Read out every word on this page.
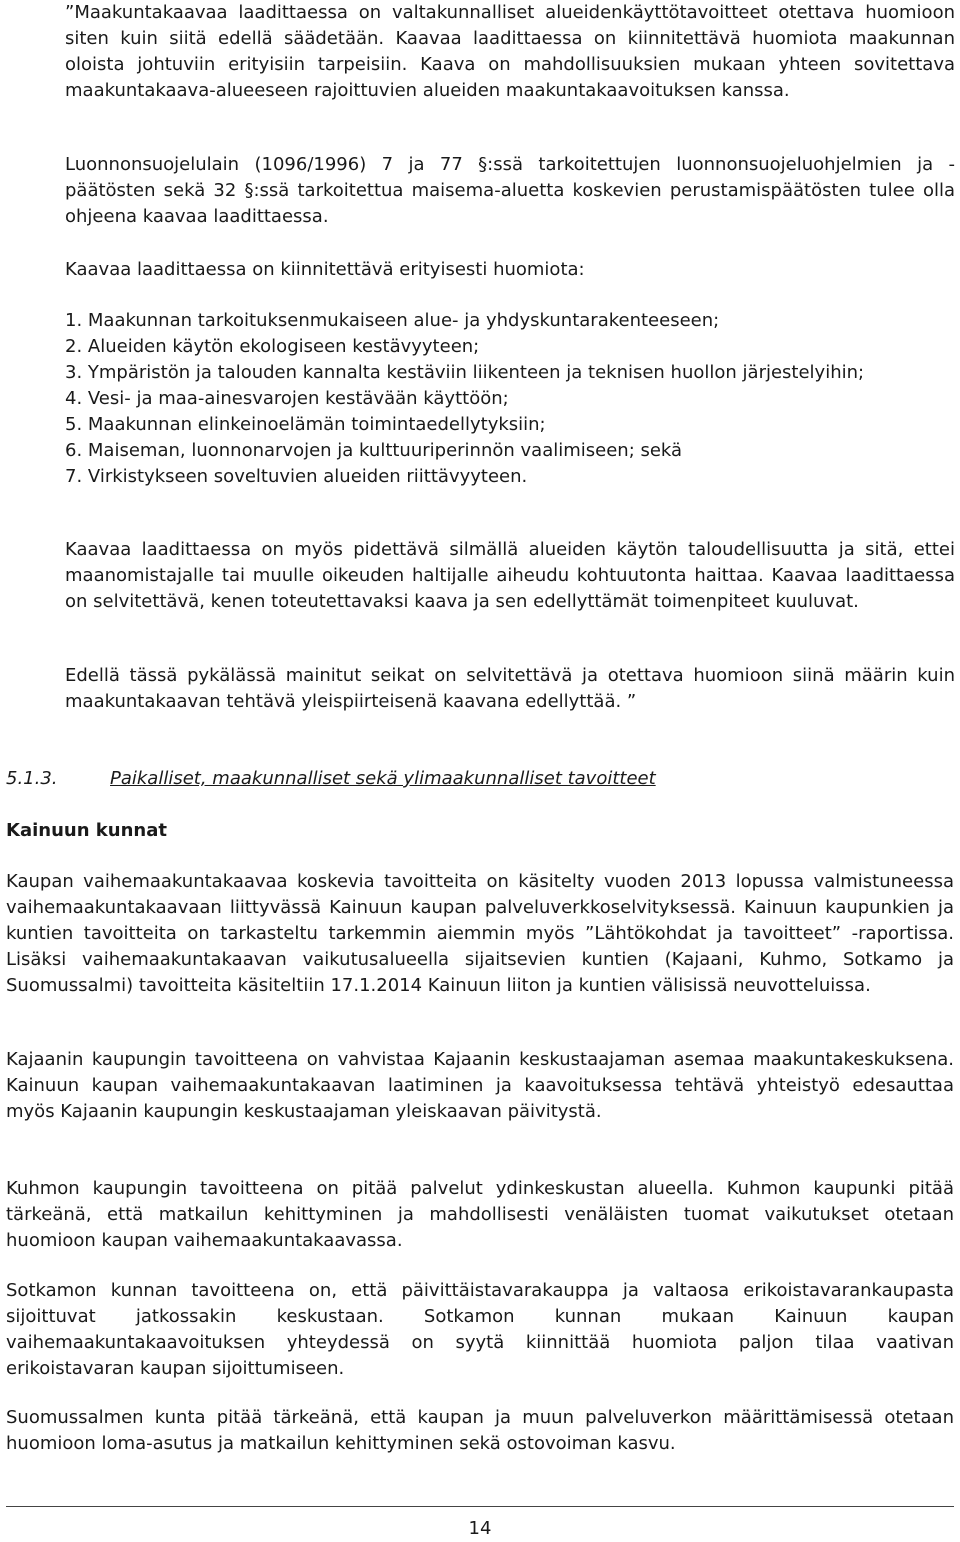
”Maakuntakaavaa laadittaessa on valtakunnalliset alueidenkäyttötavoitteet otettava huomioon siten kuin siitä edellä säädetään. Kaavaa laadittaessa on kiinnitettävä huomiota maakunnan oloista johtuviin erityisiin tarpeisiin. Kaava on mahdollisuuksien mukaan yhteen sovitettava maakuntakaava-alueeseen rajoittuvien alueiden maakuntakaavoituksen kanssa.

Luonnonsuojelulain (1096/1996) 7 ja 77 §:ssä tarkoitettujen luonnonsuojeluohjelmien ja -päätösten sekä 32 §:ssä tarkoitettua maisema-aluetta koskevien perustamispäätösten tulee olla ohjeena kaavaa laadittaessa.

Kaavaa laadittaessa on kiinnitettävä erityisesti huomiota:

1. Maakunnan tarkoituksenmukaiseen alue- ja yhdyskuntarakenteeseen;
2. Alueiden käytön ekologiseen kestävyyteen;
3. Ympäristön ja talouden kannalta kestäviin liikenteen ja teknisen huollon järjestelyihin;
4. Vesi- ja maa-ainesvarojen kestävään käyttöön;
5. Maakunnan elinkeinoelämän toimintaedellytyksiin;
6. Maiseman, luonnonarvojen ja kulttuuriperinnön vaalimiseen; sekä
7. Virkistykseen soveltuvien alueiden riittävyyteen.

Kaavaa laadittaessa on myös pidettävä silmällä alueiden käytön taloudellisuutta ja sitä, ettei maanomistajalle tai muulle oikeuden haltijalle aiheudu kohtuutonta haittaa. Kaavaa laadittaessa on selvitettävä, kenen toteutettavaksi kaava ja sen edellyttämät toimenpiteet kuuluvat.

Edellä tässä pykälässä mainitut seikat on selvitettävä ja otettava huomioon siinä määrin kuin maakuntakaavan tehtävä yleispiirteisenä kaavana edellyttää. ”

5.1.3.	Paikalliset, maakunnalliset sekä ylimaakunnalliset tavoitteet
Kainuun kunnat

Kaupan vaihemaakuntakaavaa koskevia tavoitteita on käsitelty vuoden 2013 lopussa valmistuneessa vaihemaakuntakaavaan liittyvässä Kainuun kaupan palveluverkkoselvityksessä. Kainuun kaupunkien ja kuntien tavoitteita on tarkasteltu tarkemmin aiemmin myös ”Lähtökohdat ja tavoitteet” -raportissa. Lisäksi vaihemaakuntakaavan vaikutusalueella sijaitsevien kuntien (Kajaani, Kuhmo, Sotkamo ja Suomussalmi) tavoitteita käsiteltiin 17.1.2014 Kainuun liiton ja kuntien välisissä neuvotteluissa.

Kajaanin kaupungin tavoitteena on vahvistaa Kajaanin keskustaajaman asemaa maakuntakeskuksena. Kainuun kaupan vaihemaakuntakaavan laatiminen ja kaavoituksessa tehtävä yhteistyö edesauttaa myös Kajaanin kaupungin keskustaajaman yleiskaavan päivitystä.

Kuhmon kaupungin tavoitteena on pitää palvelut ydinkeskustan alueella. Kuhmon kaupunki pitää tärkeänä, että matkailun kehittyminen ja mahdollisesti venäläisten tuomat vaikutukset otetaan huomioon kaupan vaihemaakuntakaavassa.

Sotkamon kunnan tavoitteena on, että päivittäistavarakauppa ja valtaosa erikoistavarankaupasta sijoittuvat jatkossakin keskustaan. Sotkamon kunnan mukaan Kainuun kaupan vaihemaakuntakaavoituksen yhteydessä on syytä kiinnittää huomiota paljon tilaa vaativan erikoistavaran kaupan sijoittumiseen.

Suomussalmen kunta pitää tärkeänä, että kaupan ja muun palveluverkon määrittämisessä otetaan huomioon loma-asutus ja matkailun kehittyminen sekä ostovoiman kasvu.

14
